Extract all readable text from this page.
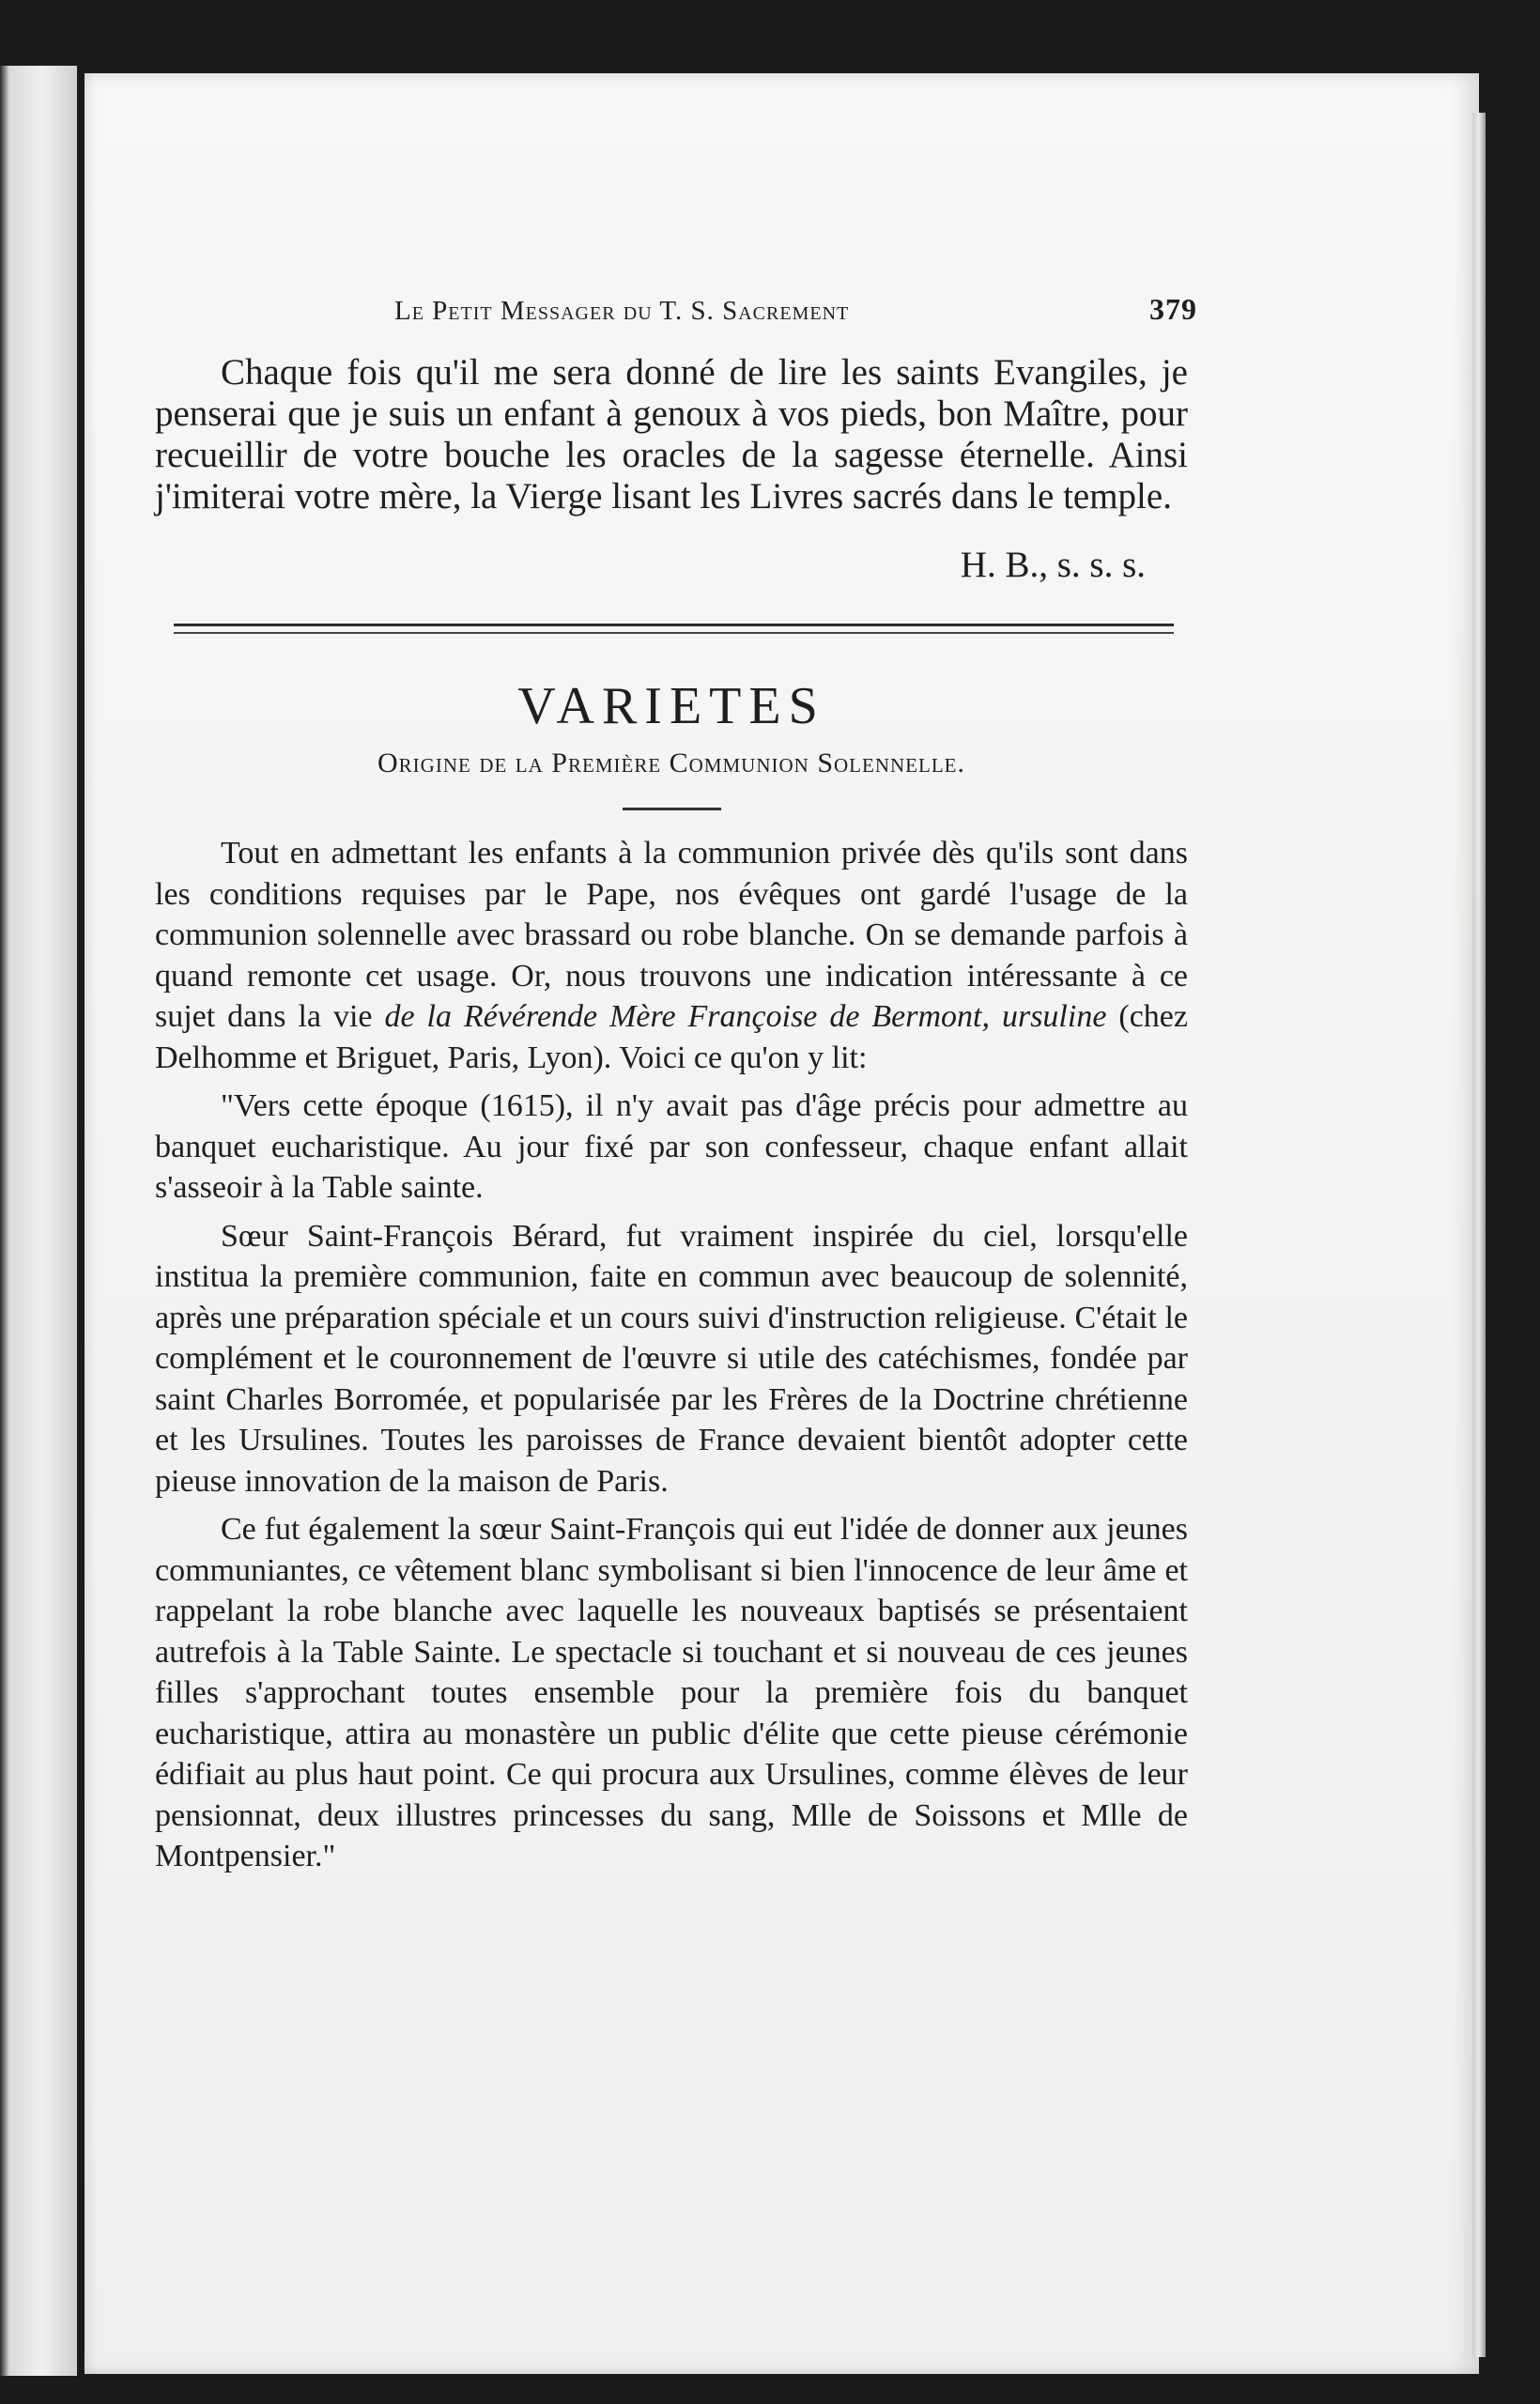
Le Petit Messager du T. S. Sacrement	379

Chaque fois qu'il me sera donné de lire les saints Evangiles, je penserai que je suis un enfant à genoux à vos pieds, bon Maître, pour recueillir de votre bouche les oracles de la sagesse éternelle. Ainsi j'imiterai votre mère, la Vierge lisant les Livres sacrés dans le temple.

H. B., s. s. s.
VARIETES
Origine de la Première Communion Solennelle.

Tout en admettant les enfants à la communion privée dès qu'ils sont dans les conditions requises par le Pape, nos évêques ont gardé l'usage de la communion solennelle avec brassard ou robe blanche. On se demande parfois à quand remonte cet usage. Or, nous trouvons une indication intéressante à ce sujet dans la vie de la Révérende Mère Françoise de Bermont, ursuline (chez Delhomme et Briguet, Paris, Lyon). Voici ce qu'on y lit:

"Vers cette époque (1615), il n'y avait pas d'âge précis pour admettre au banquet eucharistique. Au jour fixé par son confesseur, chaque enfant allait s'asseoir à la Table sainte.

Sœur Saint-François Bérard, fut vraiment inspirée du ciel, lorsqu'elle institua la première communion, faite en commun avec beaucoup de solennité, après une préparation spéciale et un cours suivi d'instruction religieuse. C'était le complément et le couronnement de l'œuvre si utile des catéchismes, fondée par saint Charles Borromée, et popularisée par les Frères de la Doctrine chrétienne et les Ursulines. Toutes les paroisses de France devaient bientôt adopter cette pieuse innovation de la maison de Paris.

Ce fut également la sœur Saint-François qui eut l'idée de donner aux jeunes communiantes, ce vêtement blanc symbolisant si bien l'innocence de leur âme et rappelant la robe blanche avec laquelle les nouveaux baptisés se présentaient autrefois à la Table Sainte. Le spectacle si touchant et si nouveau de ces jeunes filles s'approchant toutes ensemble pour la première fois du banquet eucharistique, attira au monastère un public d'élite que cette pieuse cérémonie édifiait au plus haut point. Ce qui procura aux Ursulines, comme élèves de leur pensionnat, deux illustres princesses du sang, Mlle de Soissons et Mlle de Montpensier."
